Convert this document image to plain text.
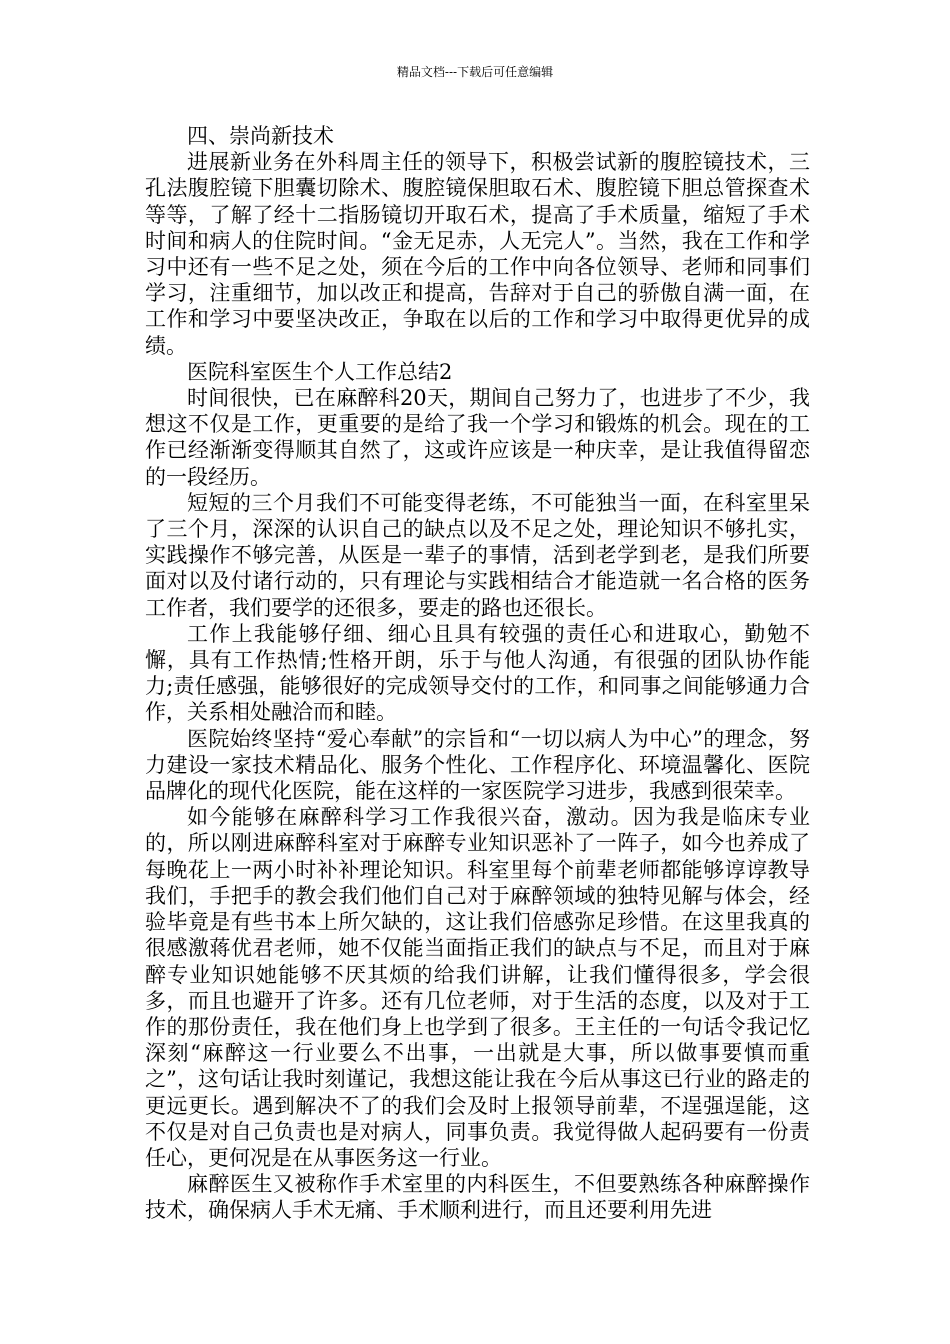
精品文档---下载后可任意编辑

四、崇尚新技术

进展新业务在外科周主任的领导下，积极尝试新的腹腔镜技术，三孔法腹腔镜下胆囊切除术、腹腔镜保胆取石术、腹腔镜下胆总管探查术等等，了解了经十二指肠镜切开取石术，提高了手术质量，缩短了手术时间和病人的住院时间。“金无足赤，人无完人”。当然，我在工作和学习中还有一些不足之处，须在今后的工作中向各位领导、老师和同事们学习，注重细节，加以改正和提高，告辞对于自己的骄傲自满一面，在工作和学习中要坚决改正，争取在以后的工作和学习中取得更优异的成绩。

医院科室医生个人工作总结2

时间很快，已在麻醉科20天，期间自己努力了，也进步了不少，我想这不仅是工作，更重要的是给了我一个学习和锻炼的机会。现在的工作已经渐渐变得顺其自然了，这或许应该是一种庆幸，是让我值得留恋的一段经历。

短短的三个月我们不可能变得老练，不可能独当一面，在科室里呆了三个月，深深的认识自己的缺点以及不足之处，理论知识不够扎实，实践操作不够完善，从医是一辈子的事情，活到老学到老，是我们所要面对以及付诸行动的，只有理论与实践相结合才能造就一名合格的医务工作者，我们要学的还很多，要走的路也还很长。

工作上我能够仔细、细心且具有较强的责任心和进取心，勤勉不懈，具有工作热情;性格开朗，乐于与他人沟通，有很强的团队协作能力;责任感强，能够很好的完成领导交付的工作，和同事之间能够通力合作，关系相处融洽而和睦。

医院始终坚持“爱心奉献”的宗旨和“一切以病人为中心”的理念，努力建设一家技术精品化、服务个性化、工作程序化、环境温馨化、医院品牌化的现代化医院，能在这样的一家医院学习进步，我感到很荣幸。

如今能够在麻醉科学习工作我很兴奋，激动。因为我是临床专业的，所以刚进麻醉科室对于麻醉专业知识恶补了一阵子，如今也养成了每晚花上一两小时补补理论知识。科室里每个前辈老师都能够谆谆教导我们，手把手的教会我们他们自己对于麻醉领域的独特见解与体会，经验毕竟是有些书本上所欠缺的，这让我们倍感弥足珍惜。在这里我真的很感激蒋优君老师，她不仅能当面指正我们的缺点与不足，而且对于麻醉专业知识她能够不厌其烦的给我们讲解，让我们懂得很多，学会很多，而且也避开了许多。还有几位老师，对于生活的态度，以及对于工作的那份责任，我在他们身上也学到了很多。王主任的一句话令我记忆深刻“麻醉这一行业要么不出事，一出就是大事，所以做事要慎而重之”，这句话让我时刻谨记，我想这能让我在今后从事这已行业的路走的更远更长。遇到解决不了的我们会及时上报领导前辈，不逞强逞能，这不仅是对自己负责也是对病人，同事负责。我觉得做人起码要有一份责任心，更何况是在从事医务这一行业。

麻醉医生又被称作手术室里的内科医生，不但要熟练各种麻醉操作技术，确保病人手术无痛、手术顺利进行，而且还要利用先进
